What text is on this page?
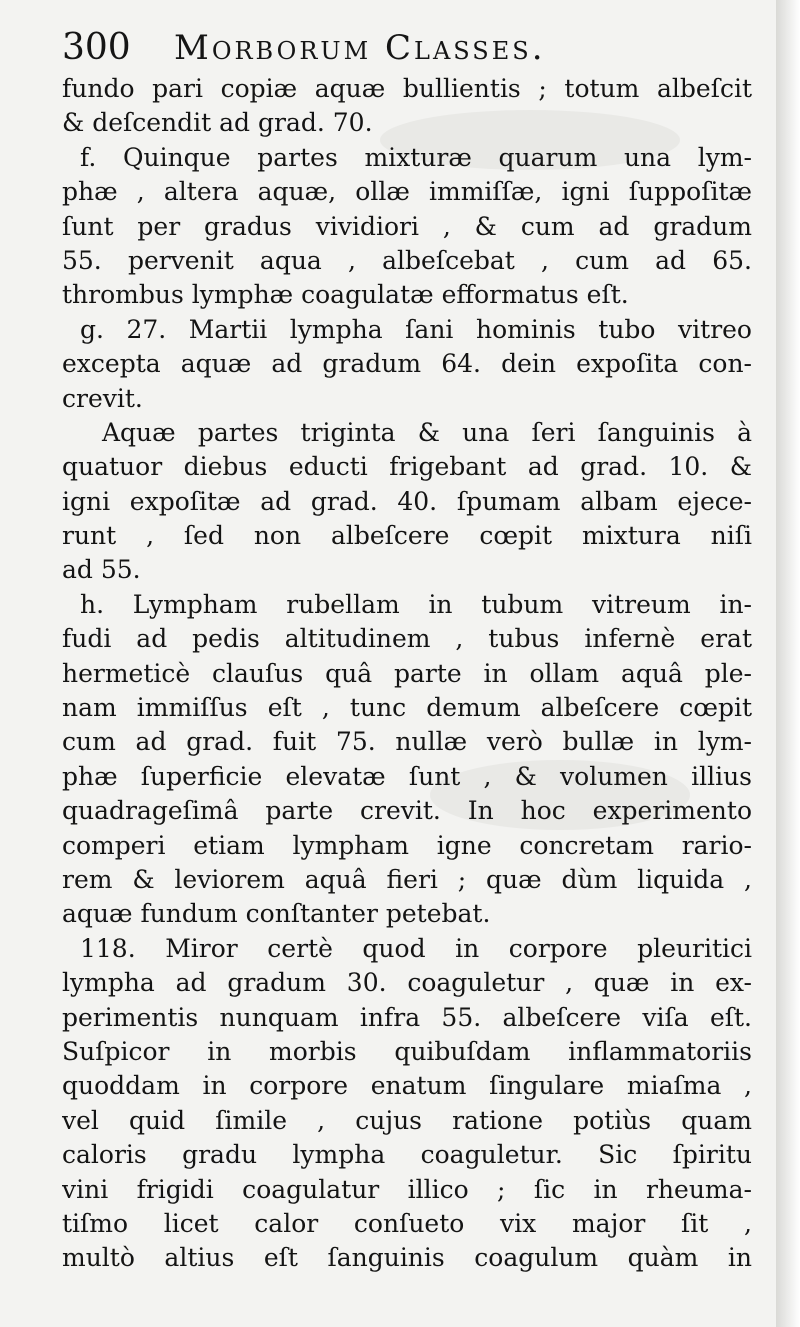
300 Morborum Classes.
fundo pari copiæ aquæ bullientis ; totum albeſcit
& deſcendit ad grad. 70.
f. Quinque partes mixturæ quarum una lym-
phæ , altera aquæ, ollæ immiſſæ, igni ſuppoſitæ
ſunt per gradus vividiori , & cum ad gradum
55. pervenit aqua , albeſcebat , cum ad 65.
thrombus lymphæ coagulatæ efformatus eſt.
g. 27. Martii lympha ſani hominis tubo vitreo
excepta aquæ ad gradum 64. dein expoſita con-
crevit.
Aquæ partes triginta & una ſeri ſanguinis à
quatuor diebus educti frigebant ad grad. 10. &
igni expoſitæ ad grad. 40. ſpumam albam ejece-
runt , ſed non albeſcere cœpit mixtura niſi
ad 55.
h. Lympham rubellam in tubum vitreum in-
fudi ad pedis altitudinem , tubus infernè erat
hermeticè clauſus quâ parte in ollam aquâ ple-
nam immiſſus eſt , tunc demum albeſcere cœpit
cum ad grad. fuit 75. nullæ verò bullæ in lym-
phæ ſuperficie elevatæ ſunt , & volumen illius
quadrageſimâ parte crevit. In hoc experimento
comperi etiam lympham igne concretam rario-
rem & leviorem aquâ fieri ; quæ dùm liquida ,
aquæ fundum conſtanter petebat.
118. Miror certè quod in corpore pleuritici
lympha ad gradum 30. coaguletur , quæ in ex-
perimentis nunquam infra 55. albeſcere viſa eſt.
Suſpicor in morbis quibuſdam inflammatoriis
quoddam in corpore enatum ſingulare miaſma ,
vel quid ſimile , cujus ratione potiùs quam
caloris gradu lympha coaguletur. Sic ſpiritu
vini frigidi coagulatur illico ; ſic in rheuma-
tiſmo licet calor conſueto vix major ſit ,
multò altius eſt ſanguinis coagulum quàm in
